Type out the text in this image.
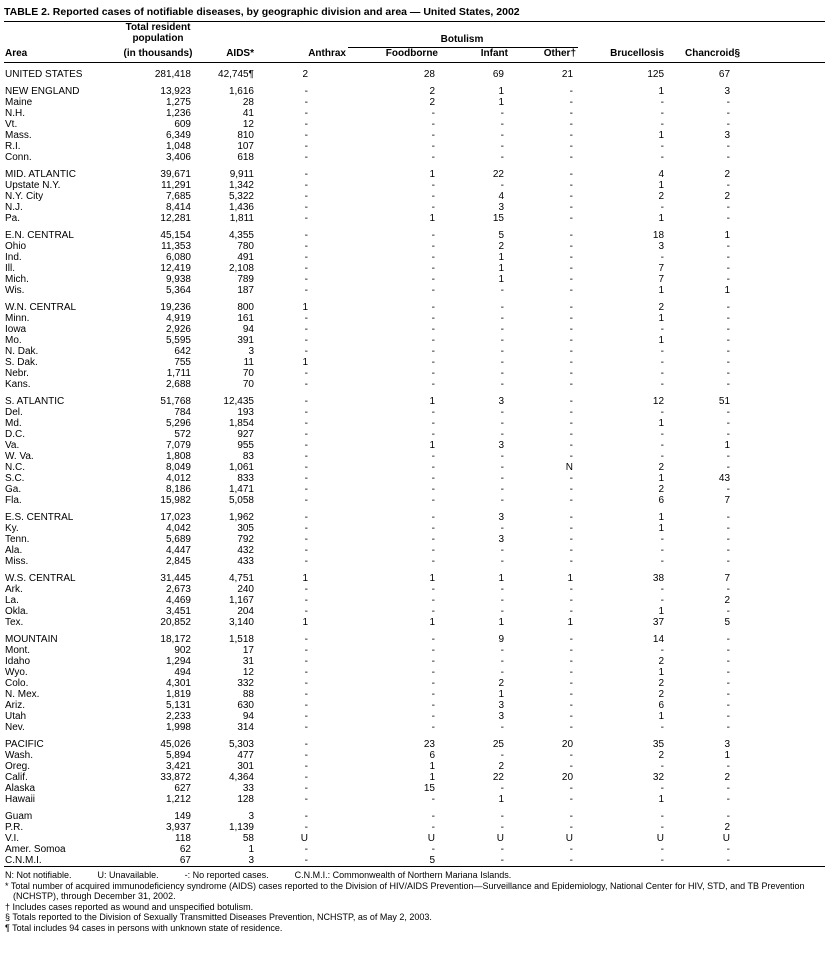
TABLE 2. Reported cases of notifiable diseases, by geographic division and area — United States, 2002
Area	Total resident
population			Botulism					
	(in thousands)	AIDS*	Anthrax	Foodborne	Infant	Other†	Brucellosis	Chancroid§	
UNITED STATES	281,418	42,745¶	2	28	69	21	125	67	
NEW ENGLAND	13,923	1,616	-	2	1	-	1	3	
Maine	1,275	28	-	2	1	-	-	-	
N.H.	1,236	41	-	-	-	-	-	-	
Vt.	609	12	-	-	-	-	-	-	
Mass.	6,349	810	-	-	-	-	1	3	
R.I.	1,048	107	-	-	-	-	-	-	
Conn.	3,406	618	-	-	-	-	-	-	
MID. ATLANTIC	39,671	9,911	-	1	22	-	4	2	
Upstate N.Y.	11,291	1,342	-	-	-	-	1	-	
N.Y. City	7,685	5,322	-	-	4	-	2	2	
N.J.	8,414	1,436	-	-	3	-	-	-	
Pa.	12,281	1,811	-	1	15	-	1	-	
E.N. CENTRAL	45,154	4,355	-	-	5	-	18	1	
Ohio	11,353	780	-	-	2	-	3	-	
Ind.	6,080	491	-	-	1	-	-	-	
Ill.	12,419	2,108	-	-	1	-	7	-	
Mich.	9,938	789	-	-	1	-	7	-	
Wis.	5,364	187	-	-	-	-	1	1	
W.N. CENTRAL	19,236	800	1	-	-	-	2	-	
Minn.	4,919	161	-	-	-	-	1	-	
Iowa	2,926	94	-	-	-	-	-	-	
Mo.	5,595	391	-	-	-	-	1	-	
N. Dak.	642	3	-	-	-	-	-	-	
S. Dak.	755	11	1	-	-	-	-	-	
Nebr.	1,711	70	-	-	-	-	-	-	
Kans.	2,688	70	-	-	-	-	-	-	
S. ATLANTIC	51,768	12,435	-	1	3	-	12	51	
Del.	784	193	-	-	-	-	-	-	
Md.	5,296	1,854	-	-	-	-	1	-	
D.C.	572	927	-	-	-	-	-	-	
Va.	7,079	955	-	1	3	-	-	1	
W. Va.	1,808	83	-	-	-	-	-	-	
N.C.	8,049	1,061	-	-	-	N	2	-	
S.C.	4,012	833	-	-	-	-	1	43	
Ga.	8,186	1,471	-	-	-	-	2	-	
Fla.	15,982	5,058	-	-	-	-	6	7	
E.S. CENTRAL	17,023	1,962	-	-	3	-	1	-	
Ky.	4,042	305	-	-	-	-	1	-	
Tenn.	5,689	792	-	-	3	-	-	-	
Ala.	4,447	432	-	-	-	-	-	-	
Miss.	2,845	433	-	-	-	-	-	-	
W.S. CENTRAL	31,445	4,751	1	1	1	1	38	7	
Ark.	2,673	240	-	-	-	-	-	-	
La.	4,469	1,167	-	-	-	-	-	2	
Okla.	3,451	204	-	-	-	-	1	-	
Tex.	20,852	3,140	1	1	1	1	37	5	
MOUNTAIN	18,172	1,518	-	-	9	-	14	-	
Mont.	902	17	-	-	-	-	-	-	
Idaho	1,294	31	-	-	-	-	2	-	
Wyo.	494	12	-	-	-	-	1	-	
Colo.	4,301	332	-	-	2	-	2	-	
N. Mex.	1,819	88	-	-	1	-	2	-	
Ariz.	5,131	630	-	-	3	-	6	-	
Utah	2,233	94	-	-	3	-	1	-	
Nev.	1,998	314	-	-	-	-	-	-	
PACIFIC	45,026	5,303	-	23	25	20	35	3	
Wash.	5,894	477	-	6	-	-	2	1	
Oreg.	3,421	301	-	1	2	-	-	-	
Calif.	33,872	4,364	-	1	22	20	32	2	
Alaska	627	33	-	15	-	-	-	-	
Hawaii	1,212	128	-	-	1	-	1	-	
Guam	149	3	-	-	-	-	-	-	
P.R.	3,937	1,139	-	-	-	-	-	2	
V.I.	118	58	U	U	U	U	U	U	
Amer. Somoa	62	1	-	-	-	-	-	-	
C.N.M.I.	67	3	-	5	-	-	-	-	
N: Not notifiable.	U: Unavailable.	-: No reported cases.	C.N.M.I.: Commonwealth of Northern Mariana Islands.
* Total number of acquired immunodeficiency syndrome (AIDS) cases reported to the Division of HIV/AIDS Prevention—Surveillance and Epidemiology, National Center for HIV, STD, and TB Prevention (NCHSTP), through December 31, 2002.
† Includes cases reported as wound and unspecified botulism.
§ Totals reported to the Division of Sexually Transmitted Diseases Prevention, NCHSTP, as of May 2, 2003.
¶ Total includes 94 cases in persons with unknown state of residence.
